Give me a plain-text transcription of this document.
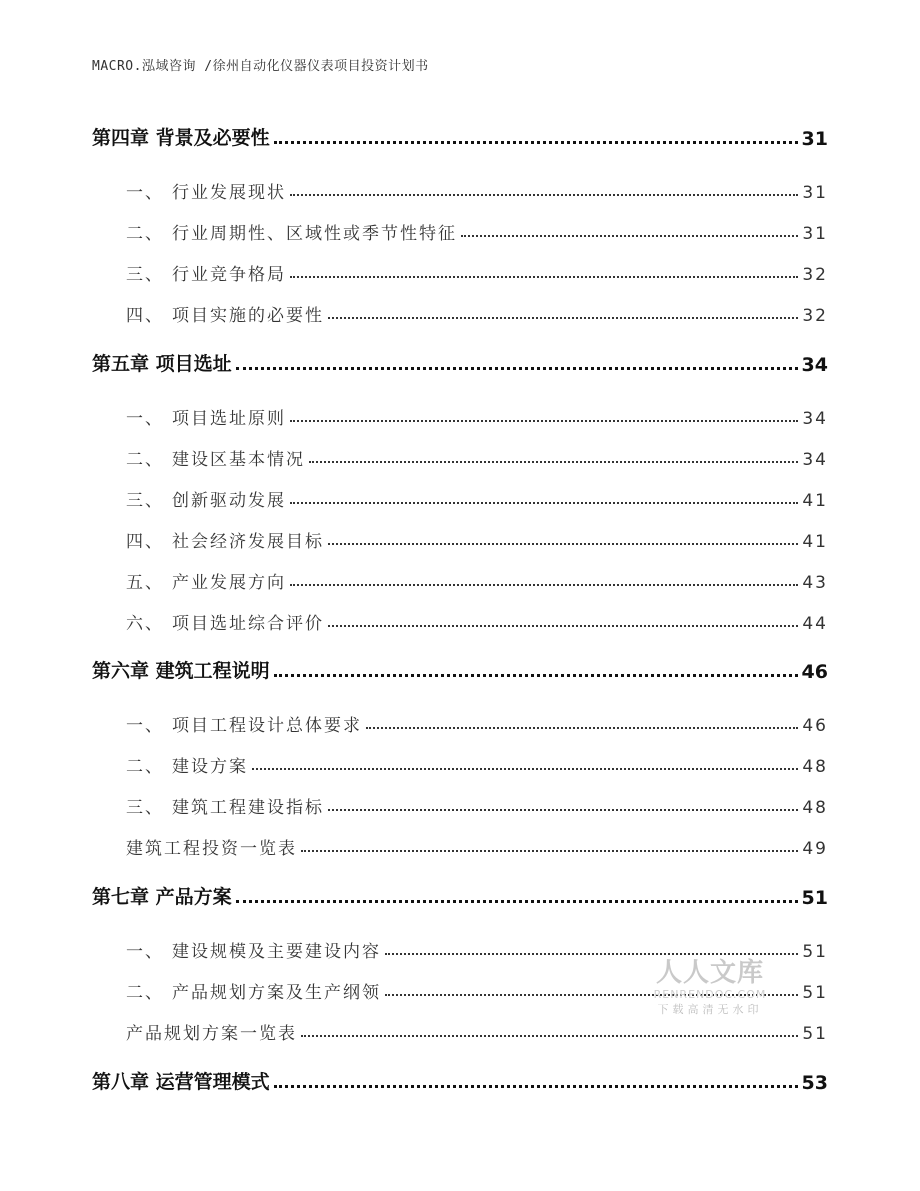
MACRO.泓域咨询 /徐州自动化仪器仪表项目投资计划书
第四章 背景及必要性	31
一、 行业发展现状	31
二、 行业周期性、区域性或季节性特征	31
三、 行业竞争格局	32
四、 项目实施的必要性	32
第五章 项目选址	34
一、 项目选址原则	34
二、 建设区基本情况	34
三、 创新驱动发展	41
四、 社会经济发展目标	41
五、 产业发展方向	43
六、 项目选址综合评价	44
第六章 建筑工程说明	46
一、 项目工程设计总体要求	46
二、 建设方案	48
三、 建筑工程建设指标	48
建筑工程投资一览表	49
第七章 产品方案	51
一、 建设规模及主要建设内容	51
二、 产品规划方案及生产纲领	51
产品规划方案一览表	51
第八章 运营管理模式	53
人人文库
RENRENDOC.COM
下载高清无水印
